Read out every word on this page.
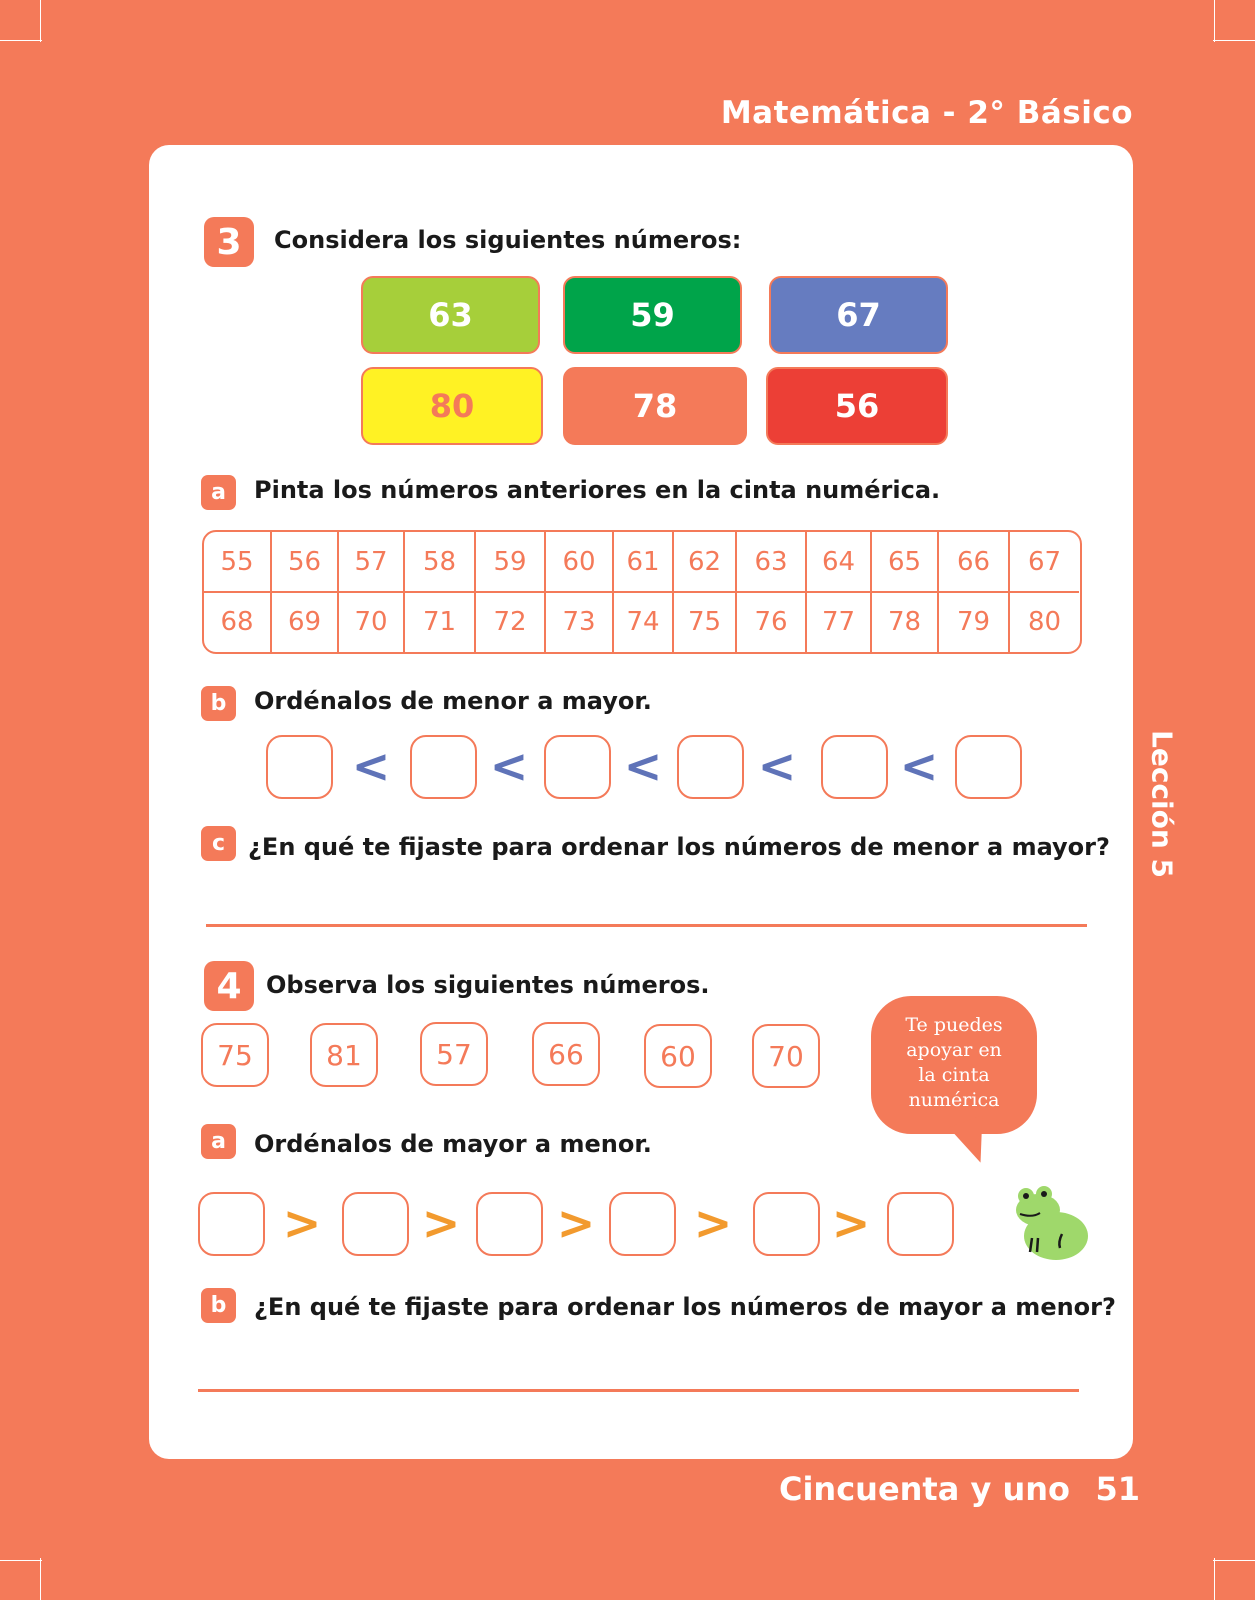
Matemática - 2° Básico
Lección 5
Cincuenta y uno 51
3	Considera los siguientes números:
63	59	67
80	78	56
a	Pinta los números anteriores en la cinta numérica.
55	56	57	58	59	60	61	62	63	64	65	66	67
68	69	70	71	72	73	74	75	76	77	78	79	80
b	Ordénalos de menor a mayor.
< < < < <
c ¿En qué te fijaste para ordenar los números de menor a mayor?
4	Observa los siguientes números.
75	81	57	66	60	70
Te puedes
apoyar en
la cinta
numérica
a	Ordénalos de mayor a menor.
> > > > >
b	¿En qué te fijaste para ordenar los números de mayor a menor?
